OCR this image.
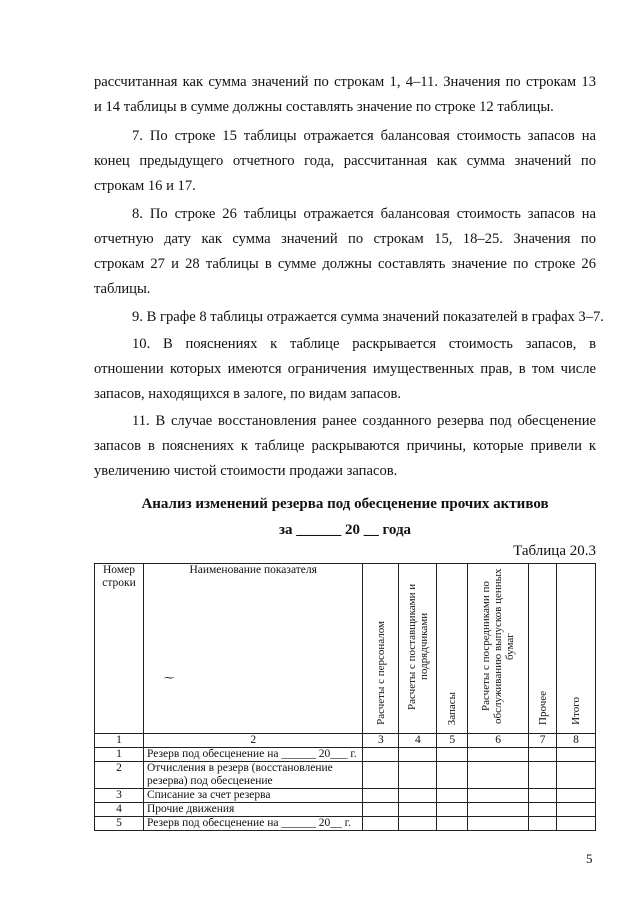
рассчитанная как сумма значений по строкам 1, 4–11. Значения по строкам 13
и 14 таблицы в сумме должны составлять значение по строке 12 таблицы.

7. По строке 15 таблицы отражается балансовая стоимость запасов на
конец предыдущего отчетного года, рассчитанная как сумма значений по
строкам 16 и 17.

8. По строке 26 таблицы отражается балансовая стоимость запасов на
отчетную дату как сумма значений по строкам 15, 18–25. Значения по
строкам 27 и 28 таблицы в сумме должны составлять значение по строке 26
таблицы.

9. В графе 8 таблицы отражается сумма значений показателей в графах 3–7.

10. В пояснениях к таблице раскрывается стоимость запасов, в
отношении которых имеются ограничения имущественных прав, в том числе
запасов, находящихся в залоге, по видам запасов.

11. В случае восстановления ранее созданного резерва под обесценение
запасов в пояснениях к таблице раскрываются причины, которые привели к
увеличению чистой стоимости продажи запасов.

Анализ изменений резерва под обесценение прочих активов

за ______ 20 __ года

Таблица 20.3
Номер строки	Наименование показателя	Расчеты с персоналом	Расчеты с поставщиками и подрядчиками	Запасы	Расчеты с посредниками по обслуживанию выпусков ценных бумаг	Прочее	Итого
1	2	3	4	5	6	7	8
1	Резерв под обесценение на ______ 20___ г.						
2	Отчисления в резерв (восстановление резерва) под обесценение						
3	Списание за счет резерва						
4	Прочие движения						
5	Резерв под обесценение на ______ 20__ г.						
⁓
5
